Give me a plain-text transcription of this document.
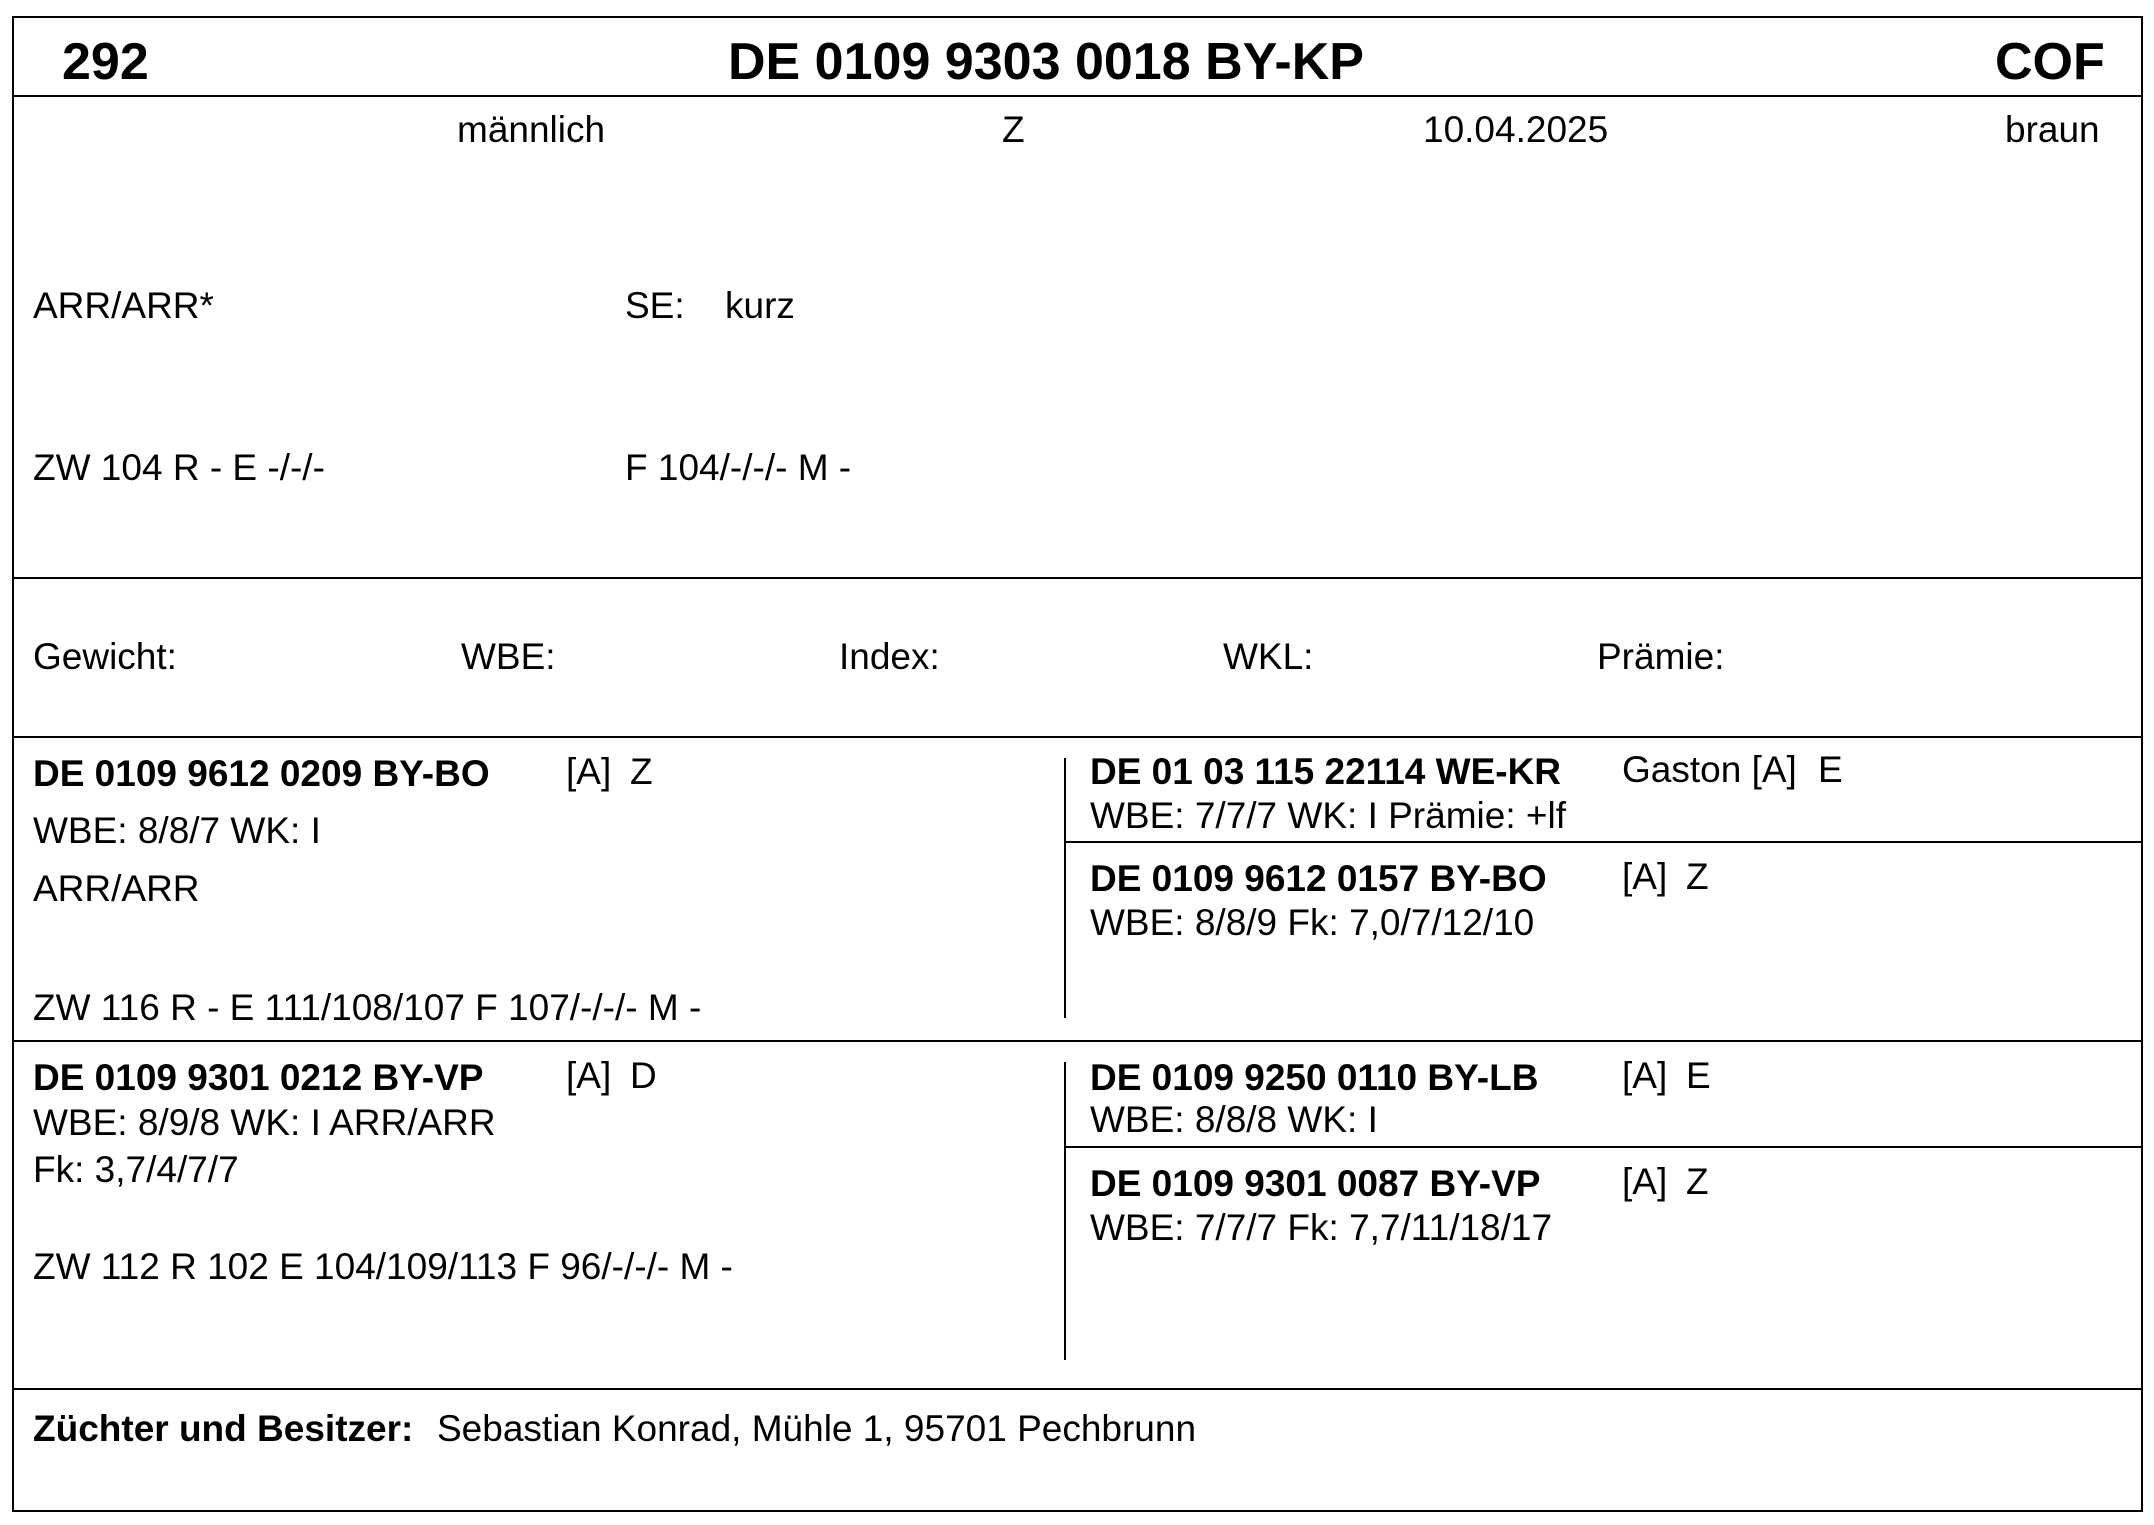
292	DE 0109 9303 0018 BY-KP	COF
männlich	Z	10.04.2025	braun
ARR/ARR*	SE: kurz
ZW 104 R - E -/-/-	F 104/-/-/- M -
Gewicht:	WBE:	Index:	WKL:	Prämie:
DE 0109 9612 0209 BY-BO [A] Z
WBE: 8/8/7 WK: I
ARR/ARR
ZW 116 R - E 111/108/107 F 107/-/-/- M -
DE 01 03 115 22114 WE-KR Gaston [A] E
WBE: 7/7/7 WK: I Prämie: +lf
DE 0109 9612 0157 BY-BO [A] Z
WBE: 8/8/9 Fk: 7,0/7/12/10
DE 0109 9301 0212 BY-VP [A] D
WBE: 8/9/8 WK: I ARR/ARR
Fk: 3,7/4/7/7
ZW 112 R 102 E 104/109/113 F 96/-/-/- M -
DE 0109 9250 0110 BY-LB [A] E
WBE: 8/8/8 WK: I
DE 0109 9301 0087 BY-VP [A] Z
WBE: 7/7/7 Fk: 7,7/11/18/17
Züchter und Besitzer: Sebastian Konrad, Mühle 1, 95701 Pechbrunn
